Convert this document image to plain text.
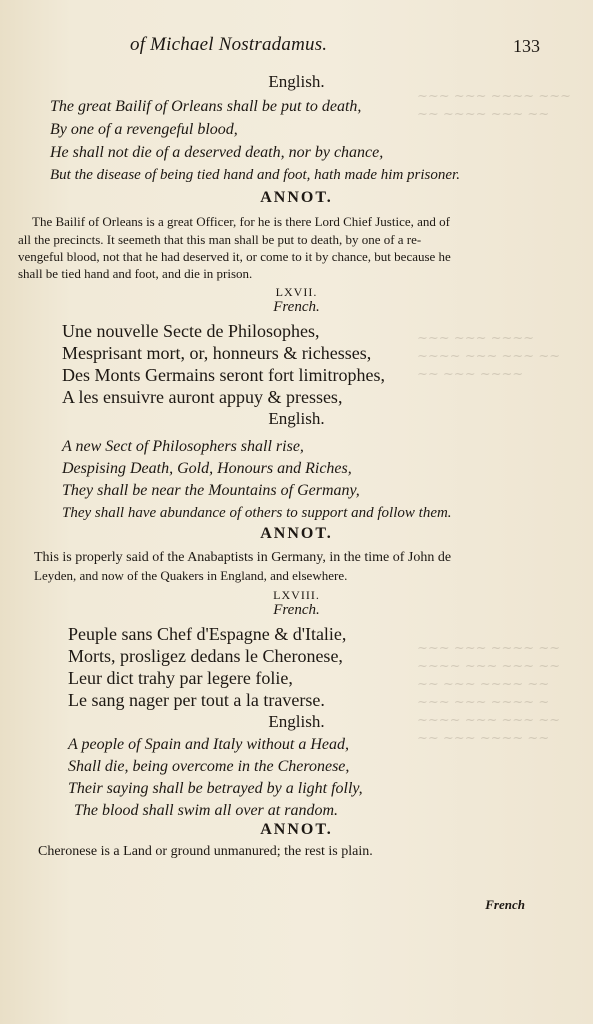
~~~ ~~~ ~~~~ ~~~
~~ ~~~~ ~~~ ~~
~~~ ~~~ ~~~~
~~~~ ~~~ ~~~ ~~
~~ ~~~ ~~~~
~~~ ~~~ ~~~~ ~~
~~~~ ~~~ ~~~ ~~
~~ ~~~ ~~~~ ~~
~~~ ~~~ ~~~~ ~
~~~~ ~~~ ~~~ ~~
~~ ~~~ ~~~~ ~~
of Michael Nostradamus.	133
English.
The great Bailif of Orleans shall be put to death,
By one of a revengeful blood,
He shall not die of a deserved death, nor by chance,
But the disease of being tied hand and foot, hath made him prisoner.
ANNOT.
The Bailif of Orleans is a great Officer, for he is there Lord Chief Justice, and of
all the precincts. It seemeth that this man shall be put to death, by one of a re-
vengeful blood, not that he had deserved it, or come to it by chance, but because he
shall be tied hand and foot, and die in prison.
LXVII.
French.
Une nouvelle Secte de Philosophes,
Mesprisant mort, or, honneurs & richesses,
Des Monts Germains seront fort limitrophes,
A les ensuivre auront appuy & presses,
English.
A new Sect of Philosophers shall rise,
Despising Death, Gold, Honours and Riches,
They shall be near the Mountains of Germany,
They shall have abundance of others to support and follow them.
ANNOT.
This is properly said of the Anabaptists in Germany, in the time of John de
Leyden, and now of the Quakers in England, and elsewhere.
LXVIII.
French.
Peuple sans Chef d'Espagne & d'Italie,
Morts, prosligez dedans le Cheronese,
Leur dict trahy par legere folie,
Le sang nager per tout a la traverse.
English.
A people of Spain and Italy without a Head,
Shall die, being overcome in the Cheronese,
Their saying shall be betrayed by a light folly,
The blood shall swim all over at random.
ANNOT.
Cheronese is a Land or ground unmanured; the rest is plain.
French
